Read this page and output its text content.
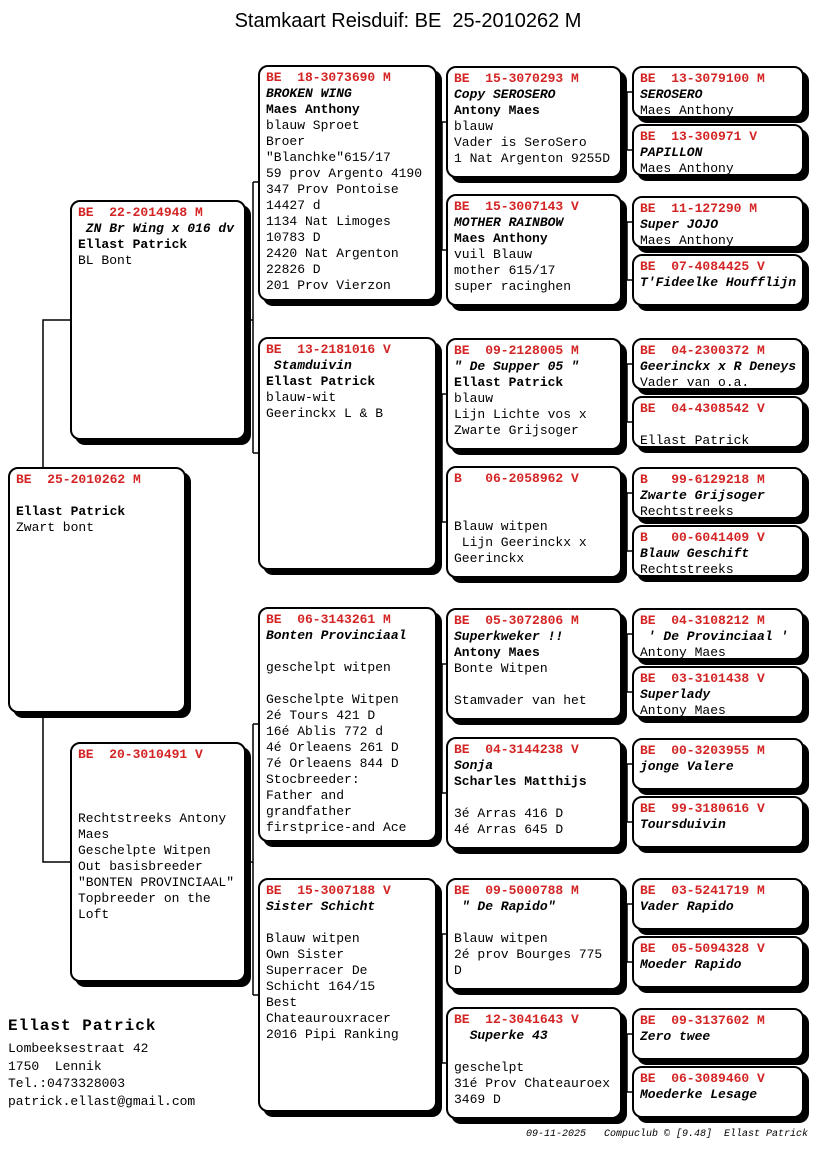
Stamkaart Reisduif: BE  25-2010262 M
BE  25-2010262 M

Ellast Patrick
Zwart bont
BE  22-2014948 M
ZN Br Wing x 016 dv
Ellast Patrick
BL Bont
BE  20-3010491 V

Rechtstreeks Antony
Maes
Geschelpte Witpen
Out basisbreeder
"BONTEN PROVINCIAAL"
Topbreeder on the
Loft
BE  18-3073690 M
BROKEN WING
Maes Anthony
blauw Sproet
Broer
"Blanchke"615/17
59 prov Argento 4190
347 Prov Pontoise
14427 d
1134 Nat Limoges
10783 D
2420 Nat Argenton
22826 D
201 Prov Vierzon
BE  13-2181016 V
Stamduivin
Ellast Patrick
blauw-wit
Geerinckx L & B
BE  06-3143261 M
Bonten Provinciaal

geschelpt witpen

Geschelpte Witpen
2é Tours 421 D
16é Ablis 772 d
4é Orleaens 261 D
7é Orleaens 844 D
Stocbreeder:
Father and
grandfather
firstprice-and Ace
BE  15-3007188 V
Sister Schicht

Blauw witpen
Own Sister
Superracer De
Schicht 164/15
Best
Chateaurouxracer
2016 Pipi Ranking
BE  15-3070293 M
Copy SEROSERO
Antony Maes
blauw
Vader is SeroSero
1 Nat Argenton 9255D
BE  15-3007143 V
MOTHER RAINBOW
Maes Anthony
vuil Blauw
mother 615/17
super racinghen
BE  09-2128005 M
" De Supper 05 "
Ellast Patrick
blauw
Lijn Lichte vos x
Zwarte Grijsoger
B   06-2058962 V

Blauw witpen
Lijn Geerinckx x
Geerinckx
BE  05-3072806 M
Superkweker !!
Antony Maes
Bonte Witpen

Stamvader van het
BE  04-3144238 V
Sonja
Scharles Matthijs

3é Arras 416 D
4é Arras 645 D
BE  09-5000788 M
" De Rapido"

Blauw witpen
2é prov Bourges 775
D
BE  12-3041643 V
Superke 43

geschelpt
31é Prov Chateauroex
3469 D
BE  13-3079100 M
SEROSERO
Maes Anthony
BE  13-300971 V
PAPILLON
Maes Anthony
BE  11-127290 M
Super JOJO
Maes Anthony
BE  07-4084425 V
T'Fideelke Houfflijn
BE  04-2300372 M
Geerinckx x R Deneys
Vader van o.a.
BE  04-4308542 V

Ellast Patrick
B   99-6129218 M
Zwarte Grijsoger
Rechtstreeks
B   00-6041409 V
Blauw Geschift
Rechtstreeks
BE  04-3108212 M
' De Provinciaal '
Antony Maes
BE  03-3101438 V
Superlady
Antony Maes
BE  00-3203955 M
jonge Valere
BE  99-3180616 V
Toursduivin
BE  03-5241719 M
Vader Rapido
BE  05-5094328 V
Moeder Rapido
BE  09-3137602 M
Zero twee
BE  06-3089460 V
Moederke Lesage
Ellast Patrick
Lombeeksestraat 42
1750  Lennik
Tel.:0473328003
patrick.ellast@gmail.com
09-11-2025   Compuclub © [9.48]  Ellast Patrick
